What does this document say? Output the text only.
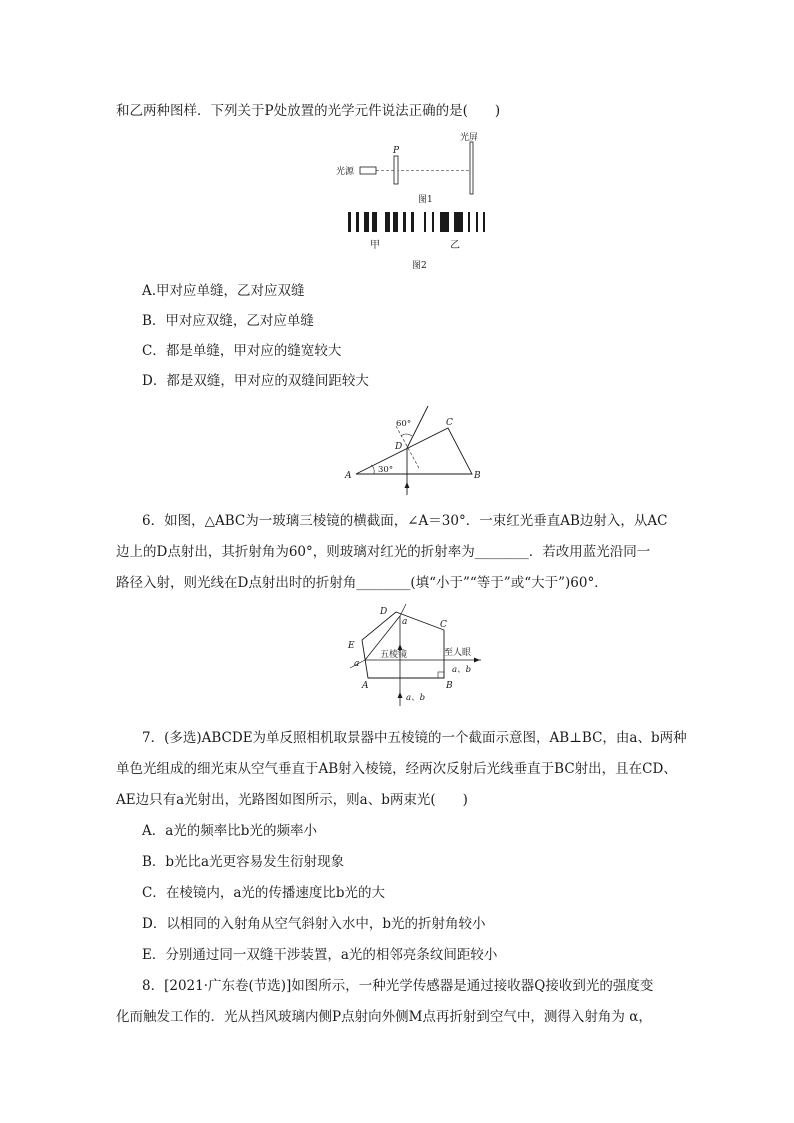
和乙两种图样．下列关于P处放置的光学元件说法正确的是(　　)
光源
P
光屏
图1
甲	乙
图2
A.甲对应单缝，乙对应双缝
B．甲对应双缝，乙对应单缝
C．都是单缝，甲对应的缝宽较大
D．都是双缝，甲对应的双缝间距较大
60°
30°
A	B
C
D
6．如图，△ABC为一玻璃三棱镜的横截面，∠A＝30°．一束红光垂直AB边射入，从AC
边上的D点射出，其折射角为60°，则玻璃对红光的折射率为________．若改用蓝光沿同一
路径入射，则光线在D点射出时的折射角________(填“小于”“等于”或“大于”)60°．
D
a	C
E
a
五棱镜	至人眼
a、b
A	B
a、b
7．(多选)ABCDE为单反照相机取景器中五棱镜的一个截面示意图，AB⊥BC，由a、b两种
单色光组成的细光束从空气垂直于AB射入棱镜，经两次反射后光线垂直于BC射出，且在CD、
AE边只有a光射出，光路图如图所示，则a、b两束光(　　)
A．a光的频率比b光的频率小
B．b光比a光更容易发生衍射现象
C．在棱镜内，a光的传播速度比b光的大
D．以相同的入射角从空气斜射入水中，b光的折射角较小
E．分别通过同一双缝干涉装置，a光的相邻亮条纹间距较小
8．[2021·广东卷(节选)]如图所示，一种光学传感器是通过接收器Q接收到光的强度变
化而触发工作的．光从挡风玻璃内侧P点射向外侧M点再折射到空气中，测得入射角为 α，
